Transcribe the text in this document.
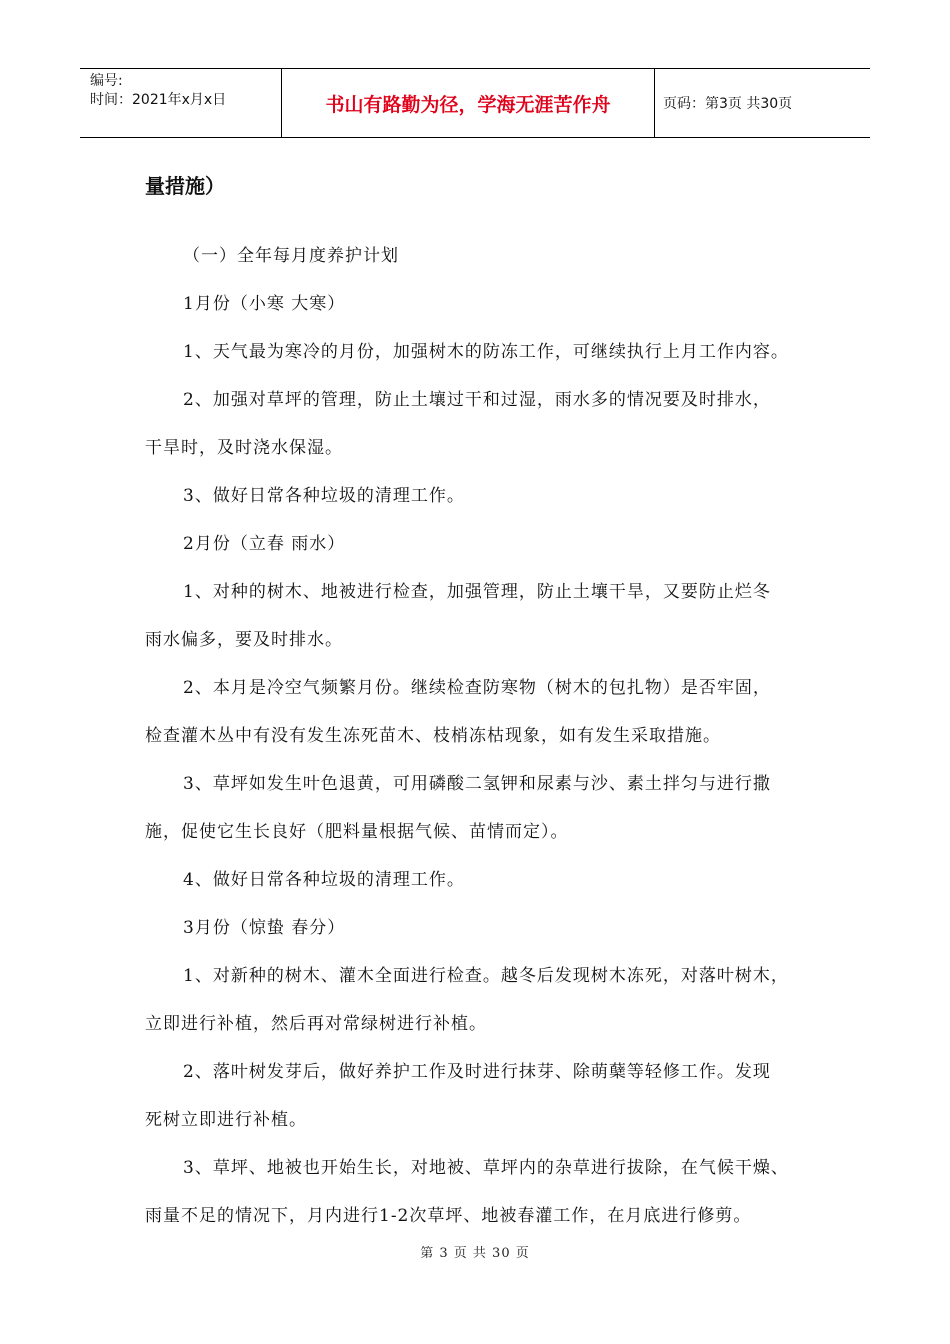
编号:
时间：2021年x月x日	书山有路勤为径，学海无涯苦作舟	页码：第3页 共30页
量措施）
（一）全年每月度养护计划
1月份（小寒 大寒）
1、天气最为寒冷的月份，加强树木的防冻工作，可继续执行上月工作内容。
2、加强对草坪的管理，防止土壤过干和过湿，雨水多的情况要及时排水，
干旱时，及时浇水保湿。
3、做好日常各种垃圾的清理工作。
2月份（立春 雨水）
1、对种的树木、地被进行检查，加强管理，防止土壤干旱，又要防止烂冬
雨水偏多，要及时排水。
2、本月是冷空气频繁月份。继续检查防寒物（树木的包扎物）是否牢固，
检查灌木丛中有没有发生冻死苗木、枝梢冻枯现象，如有发生采取措施。
3、草坪如发生叶色退黄，可用磷酸二氢钾和尿素与沙、素土拌匀与进行撒
施，促使它生长良好（肥料量根据气候、苗情而定）。
4、做好日常各种垃圾的清理工作。
3月份（惊蛰 春分）
1、对新种的树木、灌木全面进行检查。越冬后发现树木冻死，对落叶树木，
立即进行补植，然后再对常绿树进行补植。
2、落叶树发芽后，做好养护工作及时进行抹芽、除萌蘖等轻修工作。发现
死树立即进行补植。
3、草坪、地被也开始生长，对地被、草坪内的杂草进行拔除，在气候干燥、
雨量不足的情况下，月内进行1-2次草坪、地被春灌工作，在月底进行修剪。
第 3 页 共 30 页
